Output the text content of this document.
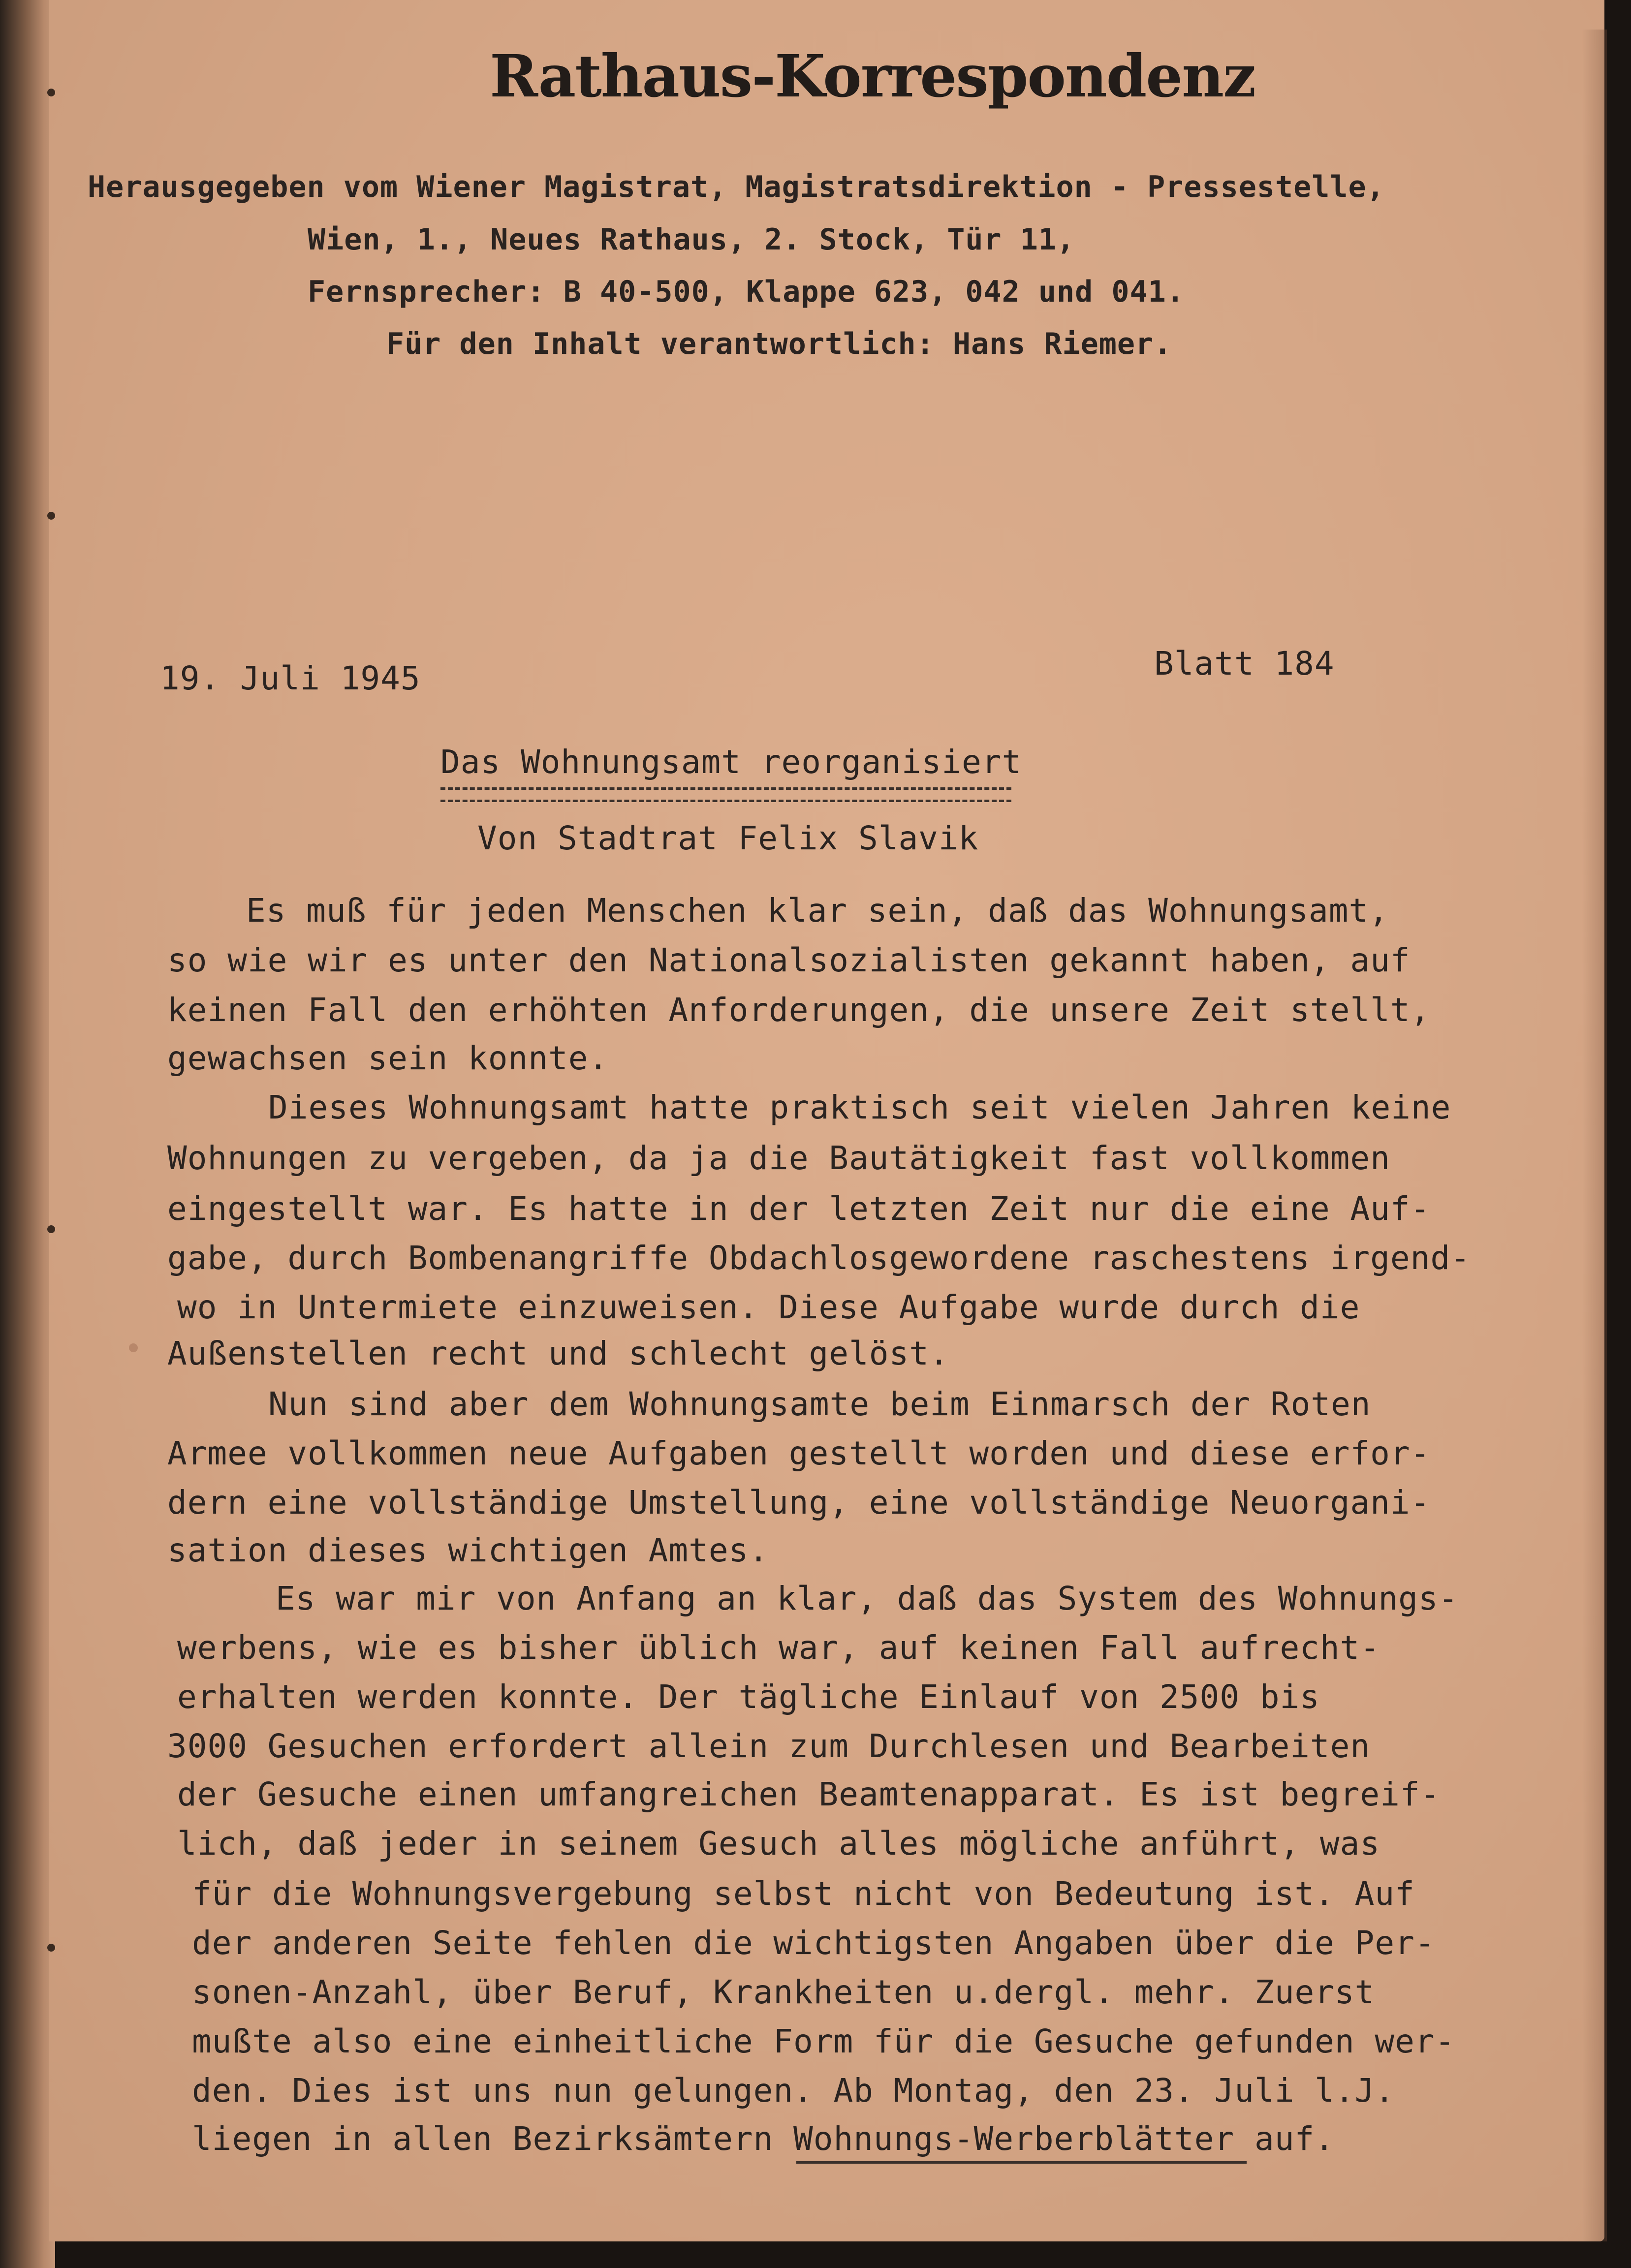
Rathaus-Korrespondenz
Herausgegeben vom Wiener Magistrat, Magistratsdirektion - Pressestelle,
Wien, 1., Neues Rathaus, 2. Stock, Tür 11,
Fernsprecher: B 40-500, Klappe 623, 042 und 041.
Für den Inhalt verantwortlich: Hans Riemer.
19. Juli 1945	Blatt 184
Das Wohnungsamt reorganisiert
Von Stadtrat Felix Slavik
Es muß für jeden Menschen klar sein, daß das Wohnungsamt,
so wie wir es unter den Nationalsozialisten gekannt haben, auf
keinen Fall den erhöhten Anforderungen, die unsere Zeit stellt,
gewachsen sein konnte.
Dieses Wohnungsamt hatte praktisch seit vielen Jahren keine
Wohnungen zu vergeben, da ja die Bautätigkeit fast vollkommen
eingestellt war. Es hatte in der letzten Zeit nur die eine Auf-
gabe, durch Bombenangriffe Obdachlosgewordene raschestens irgend-
wo in Untermiete einzuweisen. Diese Aufgabe wurde durch die
Außenstellen recht und schlecht gelöst.
Nun sind aber dem Wohnungsamte beim Einmarsch der Roten
Armee vollkommen neue Aufgaben gestellt worden und diese erfor-
dern eine vollständige Umstellung, eine vollständige Neuorgani-
sation dieses wichtigen Amtes.
Es war mir von Anfang an klar, daß das System des Wohnungs-
werbens, wie es bisher üblich war, auf keinen Fall aufrecht-
erhalten werden konnte. Der tägliche Einlauf von 2500 bis
3000 Gesuchen erfordert allein zum Durchlesen und Bearbeiten
der Gesuche einen umfangreichen Beamtenapparat. Es ist begreif-
lich, daß jeder in seinem Gesuch alles mögliche anführt, was
für die Wohnungsvergebung selbst nicht von Bedeutung ist. Auf
der anderen Seite fehlen die wichtigsten Angaben über die Per-
sonen-Anzahl, über Beruf, Krankheiten u.dergl. mehr. Zuerst
mußte also eine einheitliche Form für die Gesuche gefunden wer-
den. Dies ist uns nun gelungen. Ab Montag, den 23. Juli l.J.
liegen in allen Bezirksämtern Wohnungs-Werberblätter auf.
